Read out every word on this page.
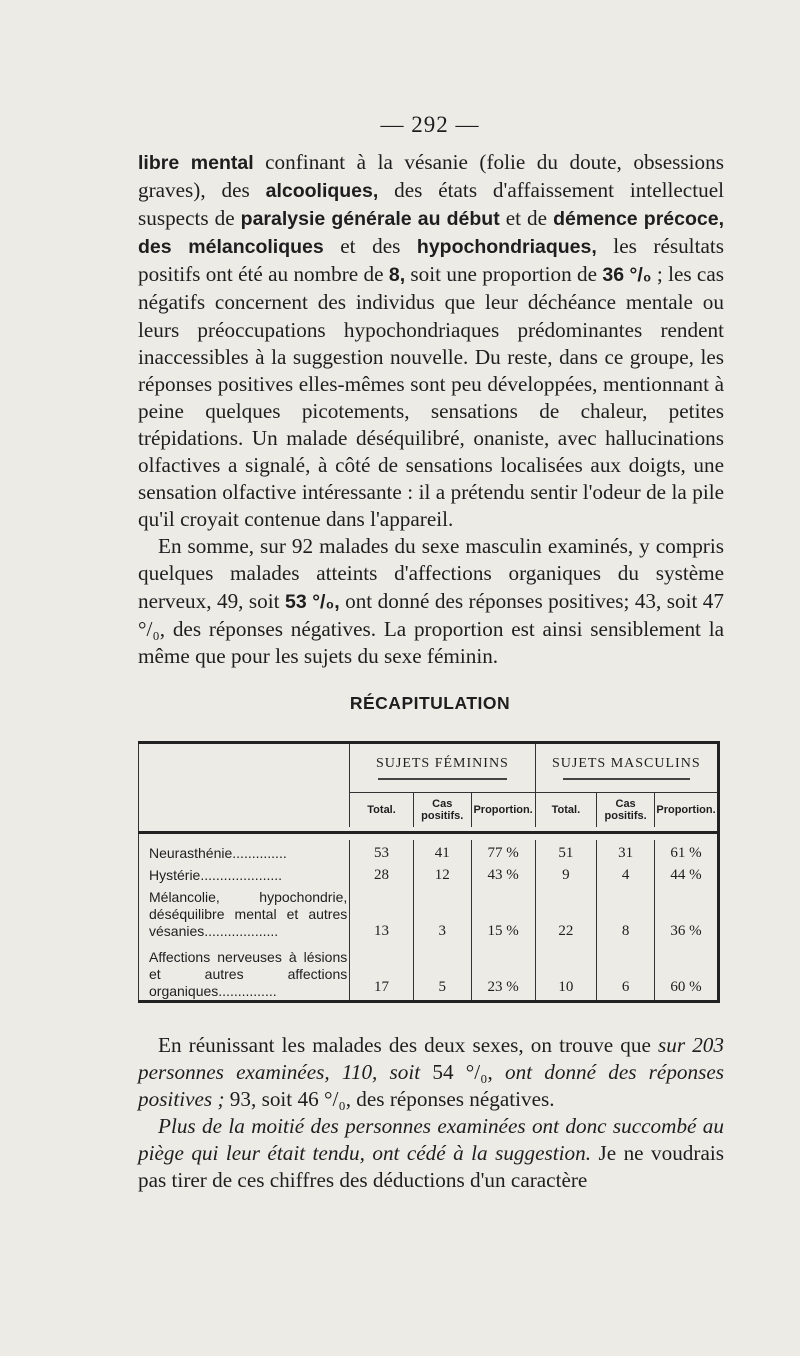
— 292 —
libre mental confinant à la vésanie (folie du doute, obsessions graves), des alcooliques, des états d'affaissement intellectuel suspects de paralysie générale au début et de démence précoce, des mélancoliques et des hypochondriaques, les résultats positifs ont été au nombre de 8, soit une proportion de 36 °/₀ ; les cas négatifs concernent des individus que leur déchéance mentale ou leurs préoccupations hypochondriaques prédominantes rendent inaccessibles à la suggestion nouvelle. Du reste, dans ce groupe, les réponses positives elles-mêmes sont peu développées, mentionnant à peine quelques picotements, sensations de chaleur, petites trépidations. Un malade déséquilibré, onaniste, avec hallucinations olfactives a signalé, à côté de sensations localisées aux doigts, une sensation olfactive intéressante : il a prétendu sentir l'odeur de la pile qu'il croyait contenue dans l'appareil.
En somme, sur 92 malades du sexe masculin examinés, y compris quelques malades atteints d'affections organiques du système nerveux, 49, soit 53 °/₀, ont donné des réponses positives; 43, soit 47 °/₀, des réponses négatives. La proportion est ainsi sensiblement la même que pour les sujets du sexe féminin.
RÉCAPITULATION
	SUJETS FÉMININS			SUJETS MASCULINS		

	Total.	Cas positifs.	Proportion.	Total.	Cas positifs.	Proportion.

Neurasthénie..............	53	41	77 %	51	31	61 %
Hystérie.....................	28	12	43 %	9	4	44 %
Mélancolie, hypochondrie, déséquilibre mental et autres vésanies...................	13	3	15 %	22	8	36 %
Affections nerveuses à lésions et autres affections organiques...............	17	5	23 %	10	6	60 %
En réunissant les malades des deux sexes, on trouve que sur 203 personnes examinées, 110, soit 54 °/₀, ont donné des réponses positives ; 93, soit 46 °/₀, des réponses négatives.
Plus de la moitié des personnes examinées ont donc succombé au piège qui leur était tendu, ont cédé à la suggestion. Je ne voudrais pas tirer de ces chiffres des déductions d'un caractère
